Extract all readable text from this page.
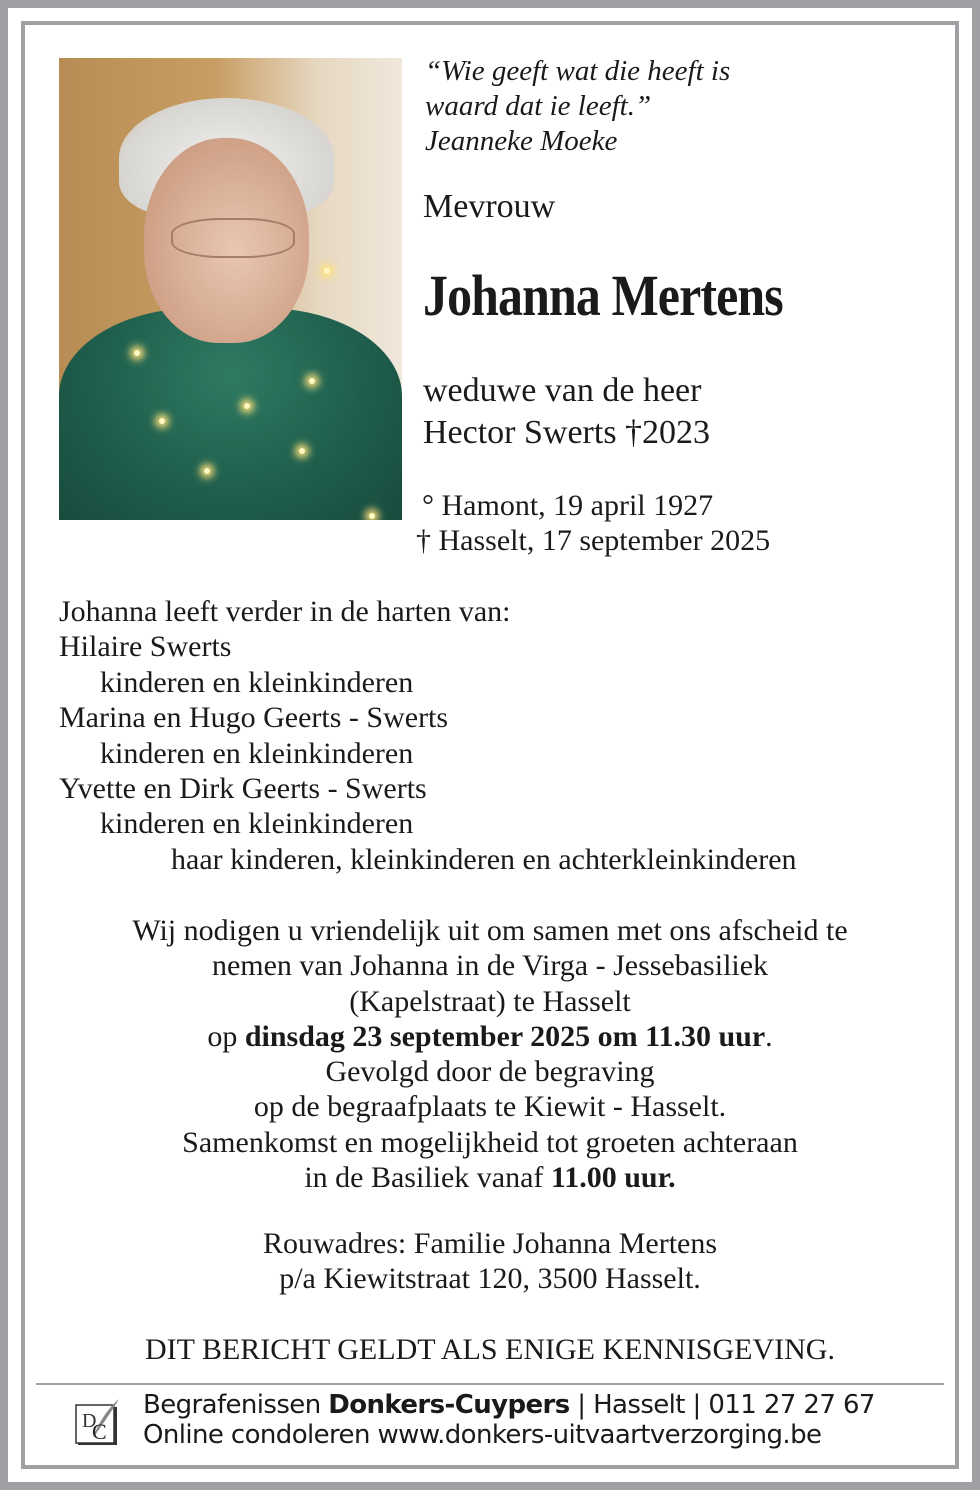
“Wie geeft wat die heeft is
waard dat ie leeft.”
Jeanneke Moeke
Mevrouw
Johanna Mertens
weduwe van de heer
Hector Swerts †2023
° Hamont, 19 april 1927
† Hasselt, 17 september 2025
Johanna leeft verder in de harten van:
Hilaire Swerts
kinderen en kleinkinderen
Marina en Hugo Geerts - Swerts
kinderen en kleinkinderen
Yvette en Dirk Geerts - Swerts
kinderen en kleinkinderen
haar kinderen, kleinkinderen en achterkleinkinderen
Wij nodigen u vriendelijk uit om samen met ons afscheid te
nemen van Johanna in de Virga - Jessebasiliek
(Kapelstraat) te Hasselt
op dinsdag 23 september 2025 om 11.30 uur.
Gevolgd door de begraving
op de begraafplaats te Kiewit - Hasselt.
Samenkomst en mogelijkheid tot groeten achteraan
in de Basiliek vanaf 11.00 uur.
Rouwadres: Familie Johanna Mertens
p/a Kiewitstraat 120, 3500 Hasselt.
DIT BERICHT GELDT ALS ENIGE KENNISGEVING.
D
C
Begrafenissen Donkers-Cuypers | Hasselt | 011 27 27 67
Online condoleren www.donkers-uitvaartverzorging.be
